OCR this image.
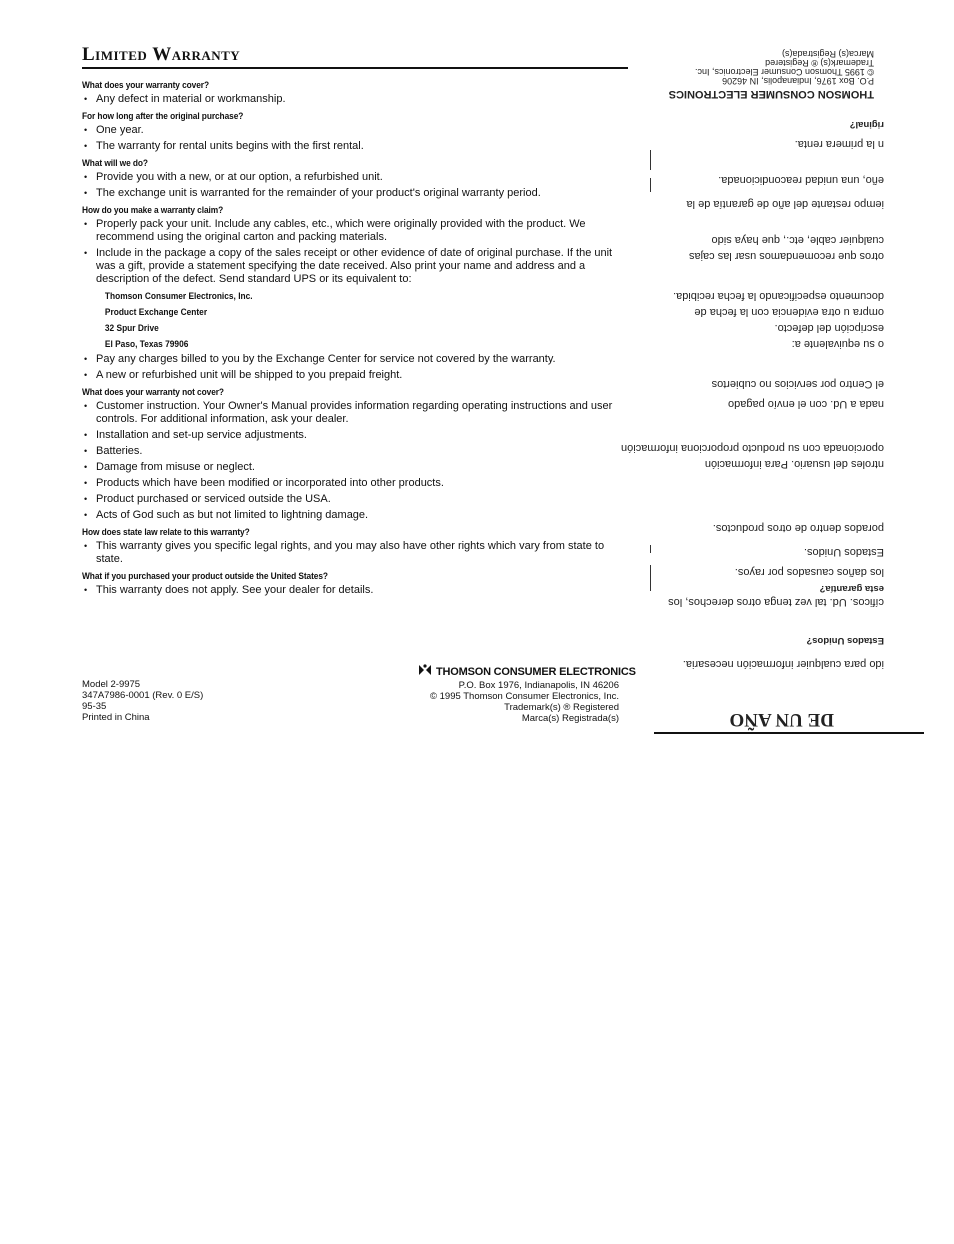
Limited Warranty
What does your warranty cover?
• Any defect in material or workmanship.
For how long after the original purchase?
• One year.
• The warranty for rental units begins with the first rental.
What will we do?
• Provide you with a new, or at our option, a refurbished unit.
• The exchange unit is warranted for the remainder of your product's original warranty period.
How do you make a warranty claim?
• Properly pack your unit. Include any cables, etc., which were originally provided with the product. We recommend using the original carton and packing materials.
• Include in the package a copy of the sales receipt or other evidence of date of original purchase. If the unit was a gift, provide a statement specifying the date received. Also print your name and address and a description of the defect. Send standard UPS or its equivalent to:
Thomson Consumer Electronics, Inc.
Product Exchange Center
32 Spur Drive
El Paso, Texas 79906
• Pay any charges billed to you by the Exchange Center for service not covered by the warranty.
• A new or refurbished unit will be shipped to you prepaid freight.
What does your warranty not cover?
• Customer instruction. Your Owner's Manual provides information regarding operating instructions and user controls. For additional information, ask your dealer.
• Installation and set-up service adjustments.
• Batteries.
• Damage from misuse or neglect.
• Products which have been modified or incorporated into other products.
• Product purchased or serviced outside the USA.
• Acts of God such as but not limited to lightning damage.
How does state law relate to this warranty?
• This warranty gives you specific legal rights, and you may also have other rights which vary from state to state.
What if you purchased your product outside the United States?
• This warranty does not apply. See your dealer for details.
Model 2-9975
347A7986-0001 (Rev. 0 E/S)
95-35
Printed in China
THOMSON CONSUMER ELECTRONICS
P.O. Box 1976, Indianapolis, IN 46206
© 1995 Thomson Consumer Electronics, Inc.
Trademark(s) ® Registered
Marca(s) Registrada(s)	DE UN AÑO
ido para cualquier información necesaria.
Estados Unidos?
cíficos. Ud. tal vez tenga otros derechos, los
esta garantía?
los daños causados por rayos.
Estados Unidos.
porados dentro de otros productos.
ntroles del usuario. Para información
oporcionada con su producto proporciona información
nada a Ud. con el envío pagado
el Centro por servicios no cubiertos
o su equivalente a:
escripción del defecto.
ompra u otra evidencia con la fecha de
documento especificando la fecha recibida.
otros que recomendamos usar las cajas
cualquier cable, etc., que haya sido
iempo restante del año de garantía de la
eño, una unidad reacondicionada.
n la primera renta.
riginal?
THOMSON CONSUMER ELECTRONICS
P.O. Box 1976, Indianapolis, IN 46206
© 1995 Thomson Consumer Electronics, Inc.
Trademark(s) ® Registered
Marca(s) Registrada(s)
